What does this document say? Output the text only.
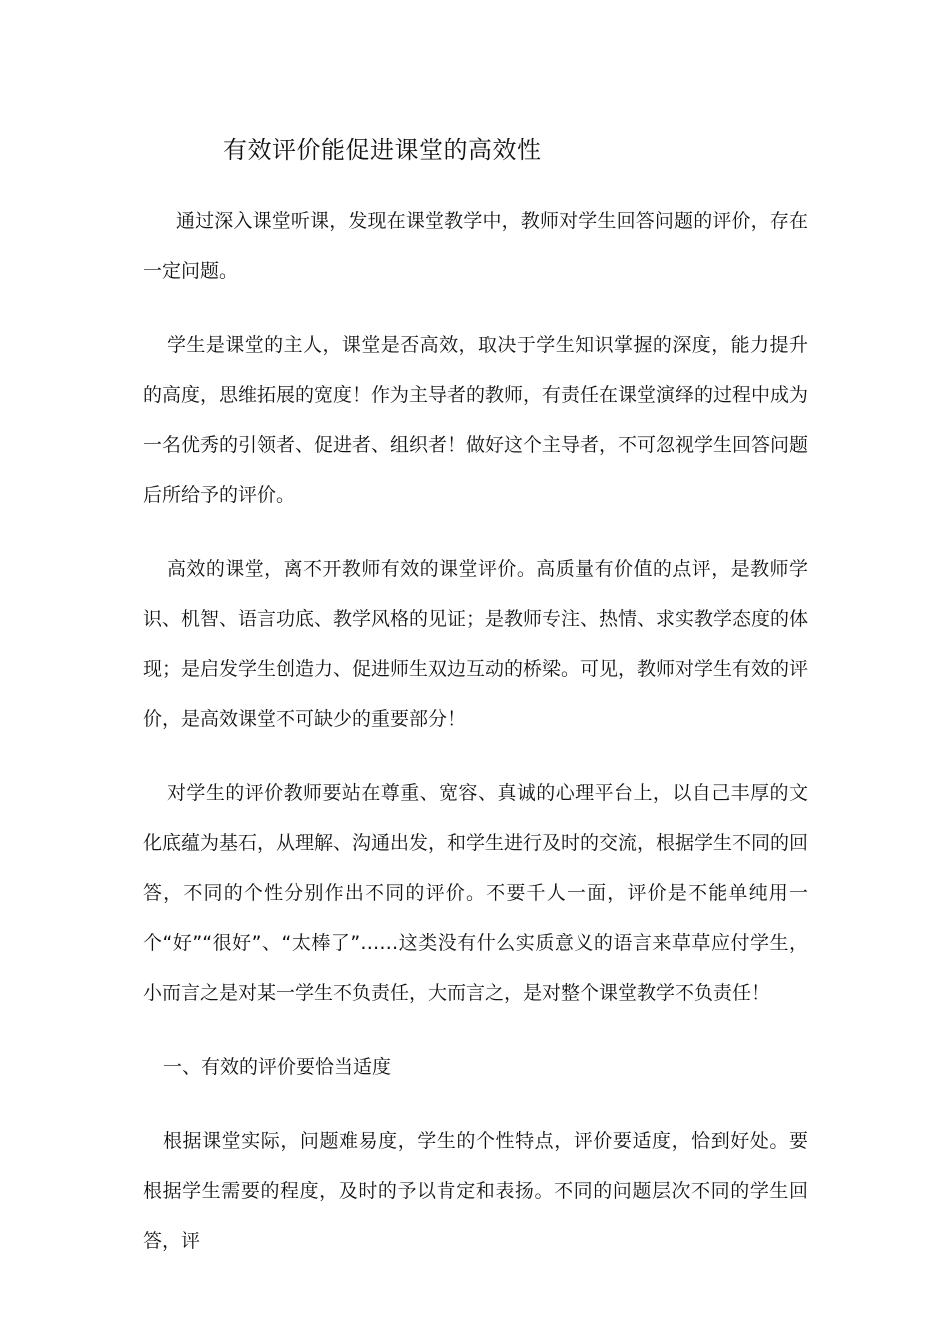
有效评价能促进课堂的高效性

通过深入课堂听课，发现在课堂教学中，教师对学生回答问题的评价，存在一定问题。

学生是课堂的主人，课堂是否高效，取决于学生知识掌握的深度，能力提升的高度，思维拓展的宽度！作为主导者的教师，有责任在课堂演绎的过程中成为一名优秀的引领者、促进者、组织者！做好这个主导者，不可忽视学生回答问题后所给予的评价。

高效的课堂，离不开教师有效的课堂评价。高质量有价值的点评，是教师学识、机智、语言功底、教学风格的见证；是教师专注、热情、求实教学态度的体现；是启发学生创造力、促进师生双边互动的桥梁。可见，教师对学生有效的评价，是高效课堂不可缺少的重要部分！

对学生的评价教师要站在尊重、宽容、真诚的心理平台上，以自己丰厚的文化底蕴为基石，从理解、沟通出发，和学生进行及时的交流，根据学生不同的回答，不同的个性分别作出不同的评价。不要千人一面，评价是不能单纯用一个“好”“很好”、“太棒了”……这类没有什么实质意义的语言来草草应付学生，小而言之是对某一学生不负责任，大而言之，是对整个课堂教学不负责任！

一、有效的评价要恰当适度

根据课堂实际，问题难易度，学生的个性特点，评价要适度，恰到好处。要根据学生需要的程度，及时的予以肯定和表扬。不同的问题层次不同的学生回答，评
